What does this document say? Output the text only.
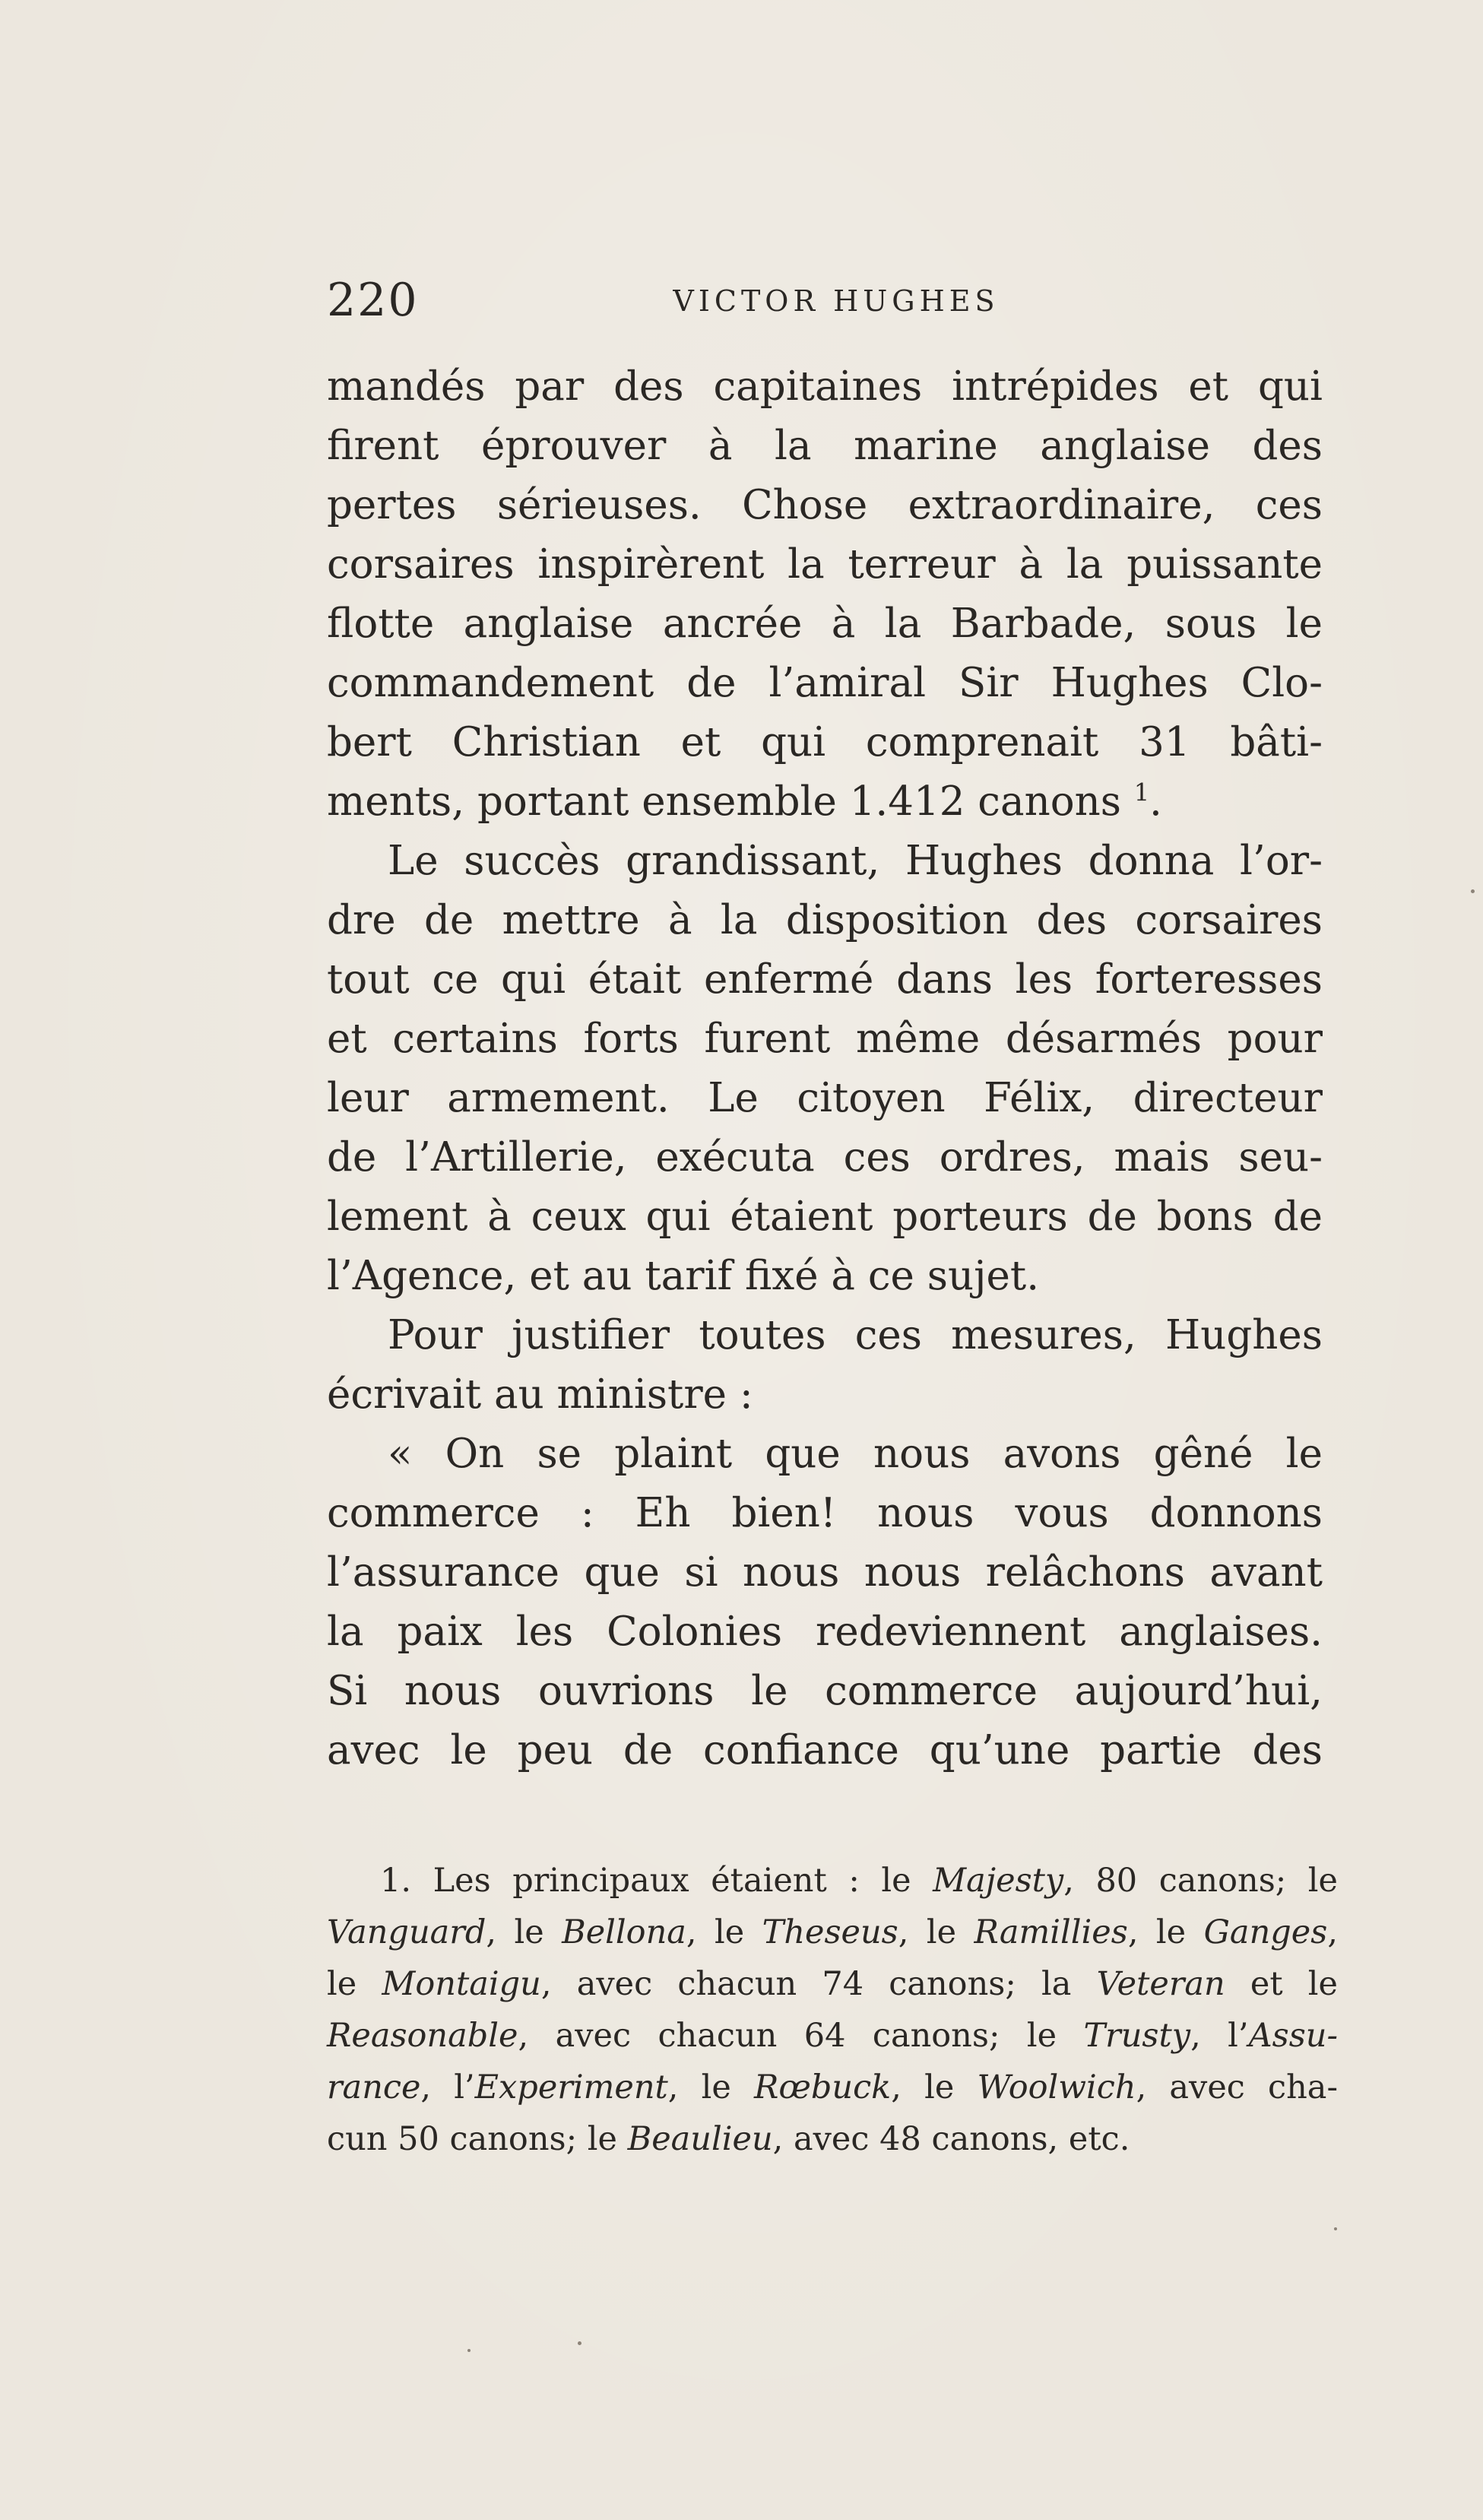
220	VICTOR HUGHES
mandés par des capitaines intrépides et qui
firent éprouver à la marine anglaise des
pertes sérieuses. Chose extraordinaire, ces
corsaires inspirèrent la terreur à la puissante
flotte anglaise ancrée à la Barbade, sous le
commandement de l’amiral Sir Hughes Clo-
bert Christian et qui comprenait 31 bâti-
ments, portant ensemble 1.412 canons $^1$.
Le succès grandissant, Hughes donna l’or-
dre de mettre à la disposition des corsaires
tout ce qui était enfermé dans les forteresses
et certains forts furent même désarmés pour
leur armement. Le citoyen Félix, directeur
de l’Artillerie, exécuta ces ordres, mais seu-
lement à ceux qui étaient porteurs de bons de
l’Agence, et au tarif fixé à ce sujet.
Pour justifier toutes ces mesures, Hughes
écrivait au ministre :
« On se plaint que nous avons gêné le
commerce : Eh bien! nous vous donnons
l’assurance que si nous nous relâchons avant
la paix les Colonies redeviennent anglaises.
Si nous ouvrions le commerce aujourd’hui,
avec le peu de confiance qu’une partie des
1. Les principaux étaient : le Majesty, 80 canons; le
Vanguard, le Bellona, le Theseus, le Ramillies, le Ganges,
le Montaigu, avec chacun 74 canons; la Veteran et le
Reasonable, avec chacun 64 canons; le Trusty, l’Assu-
rance, l’Experiment, le Rœbuck, le Woolwich, avec cha-
cun 50 canons; le Beaulieu, avec 48 canons, etc.
